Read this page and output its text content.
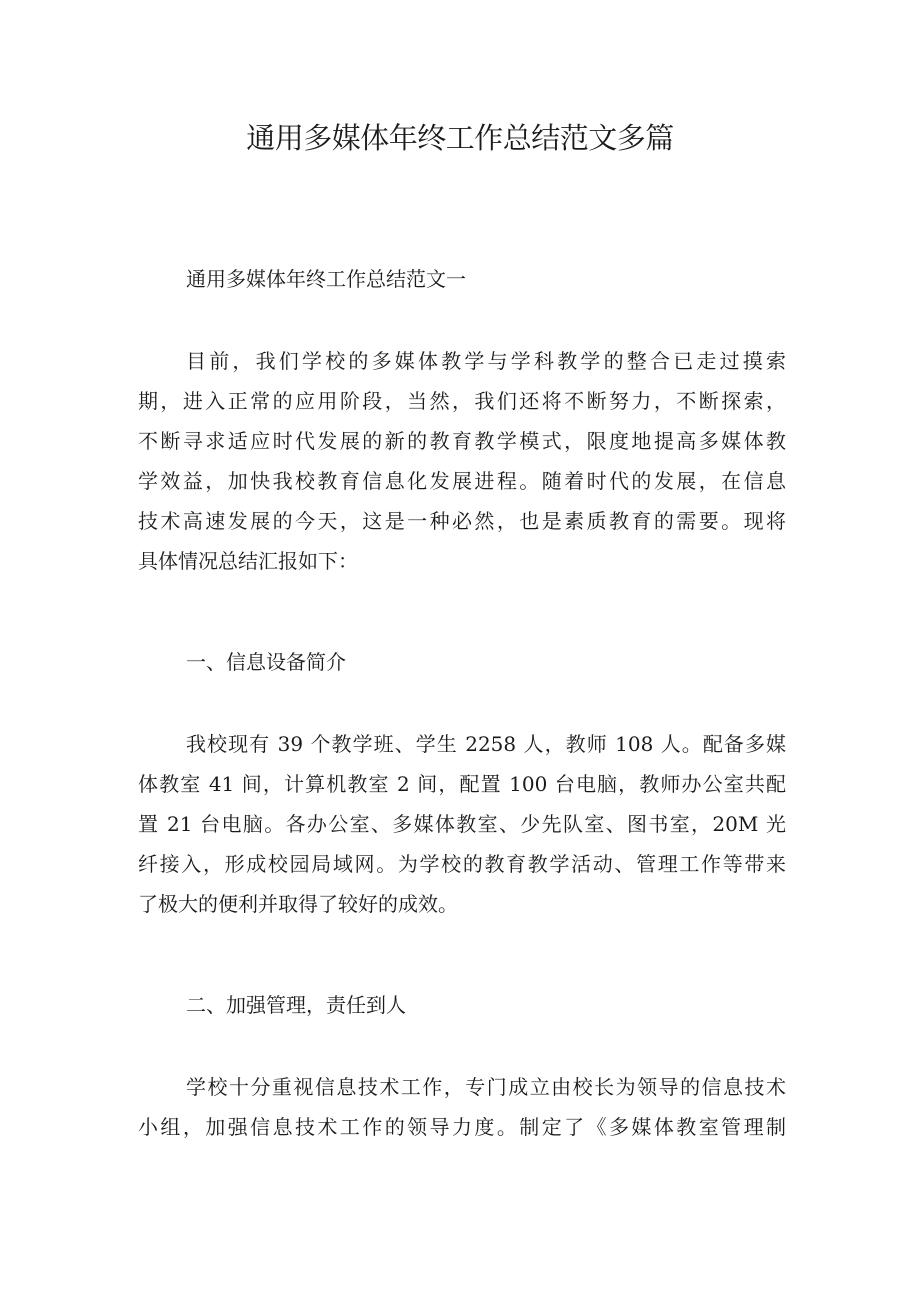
通用多媒体年终工作总结范文多篇

通用多媒体年终工作总结范文一

目前，我们学校的多媒体教学与学科教学的整合已走过摸索
期，进入正常的应用阶段，当然，我们还将不断努力，不断探索，
不断寻求适应时代发展的新的教育教学模式，限度地提高多媒体教
学效益，加快我校教育信息化发展进程。随着时代的发展，在信息
技术高速发展的今天，这是一种必然，也是素质教育的需要。现将
具体情况总结汇报如下：

一、信息设备简介

我校现有 39 个教学班、学生 2258 人，教师 108 人。配备多媒
体教室 41 间，计算机教室 2 间，配置 100 台电脑，教师办公室共配
置 21 台电脑。各办公室、多媒体教室、少先队室、图书室，20M 光
纤接入，形成校园局域网。为学校的教育教学活动、管理工作等带来
了极大的便利并取得了较好的成效。

二、加强管理，责任到人

学校十分重视信息技术工作，专门成立由校长为领导的信息技术
小组，加强信息技术工作的领导力度。制定了《多媒体教室管理制
